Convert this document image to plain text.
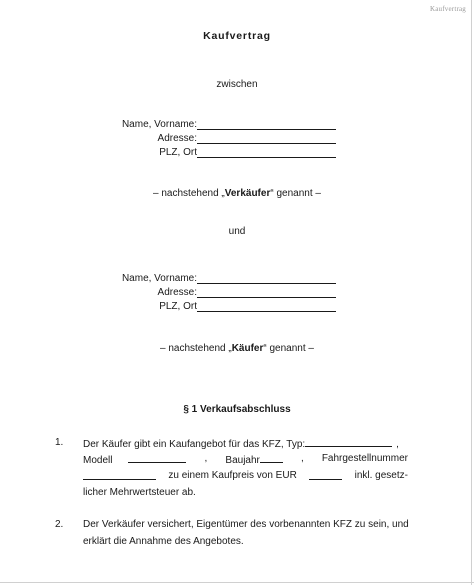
Kaufvertrag
Kaufvertrag
zwischen
Name, Vorname:
Adresse:
PLZ, Ort
– nachstehend „Verkäufer“ genannt –
und
Name, Vorname:
Adresse:
PLZ, Ort
– nachstehend „Käufer“ genannt –
§ 1 Verkaufsabschluss
1. Der Käufer gibt ein Kaufangebot für das KFZ, Typ:	,
Modell	, Baujahr	, Fahrgestellnummer
zu einem Kaufpreis von EUR	inkl. gesetz-
licher Mehrwertsteuer ab.
2. Der Verkäufer versichert, Eigentümer des vorbenannten KFZ zu sein, und
erklärt die Annahme des Angebotes.
